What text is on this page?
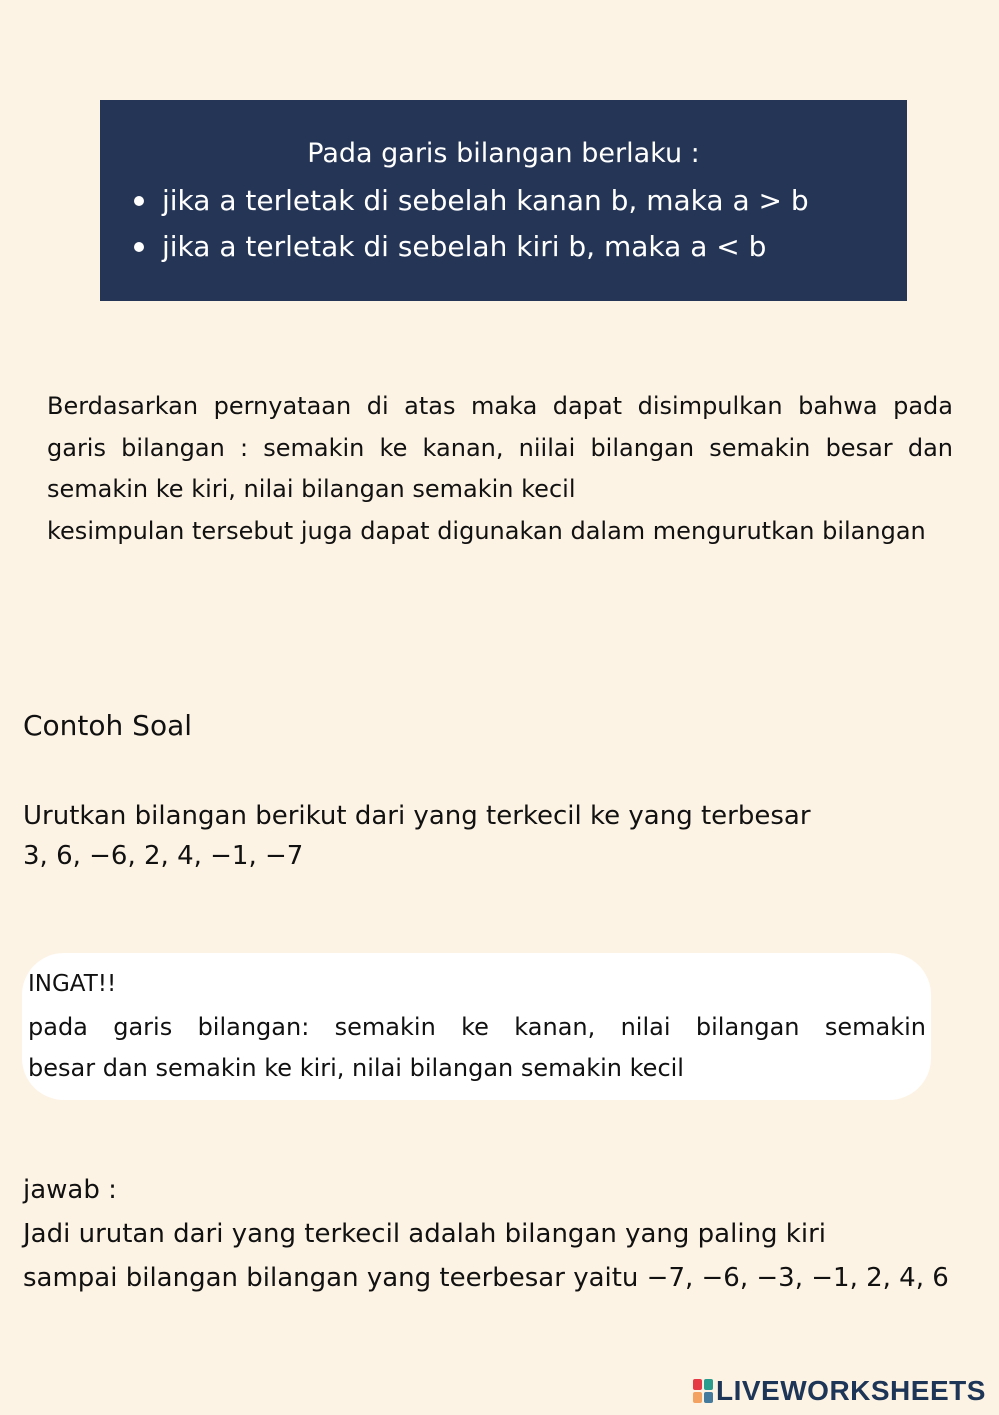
Pada garis bilangan berlaku :
jika a terletak di sebelah kanan b, maka a > b
jika a terletak di sebelah kiri b, maka a < b

Berdasarkan pernyataan di atas maka dapat disimpulkan bahwa pada garis bilangan : semakin ke kanan, niilai bilangan semakin besar dan semakin ke kiri, nilai bilangan semakin kecil

kesimpulan tersebut juga dapat digunakan dalam mengurutkan bilangan

Contoh Soal
Urutkan bilangan berikut dari yang terkecil ke yang terbesar
3, 6, −6, 2, 4, −1, −7
INGAT!!

pada garis bilangan: semakin ke kanan, nilai bilangan semakin

besar dan semakin ke kiri, nilai bilangan semakin kecil

jawab :
Jadi urutan dari yang terkecil adalah bilangan yang paling kiri
sampai bilangan bilangan yang teerbesar yaitu −7, −6, −3, −1, 2, 4, 6
LIVEWORKSHEETS
